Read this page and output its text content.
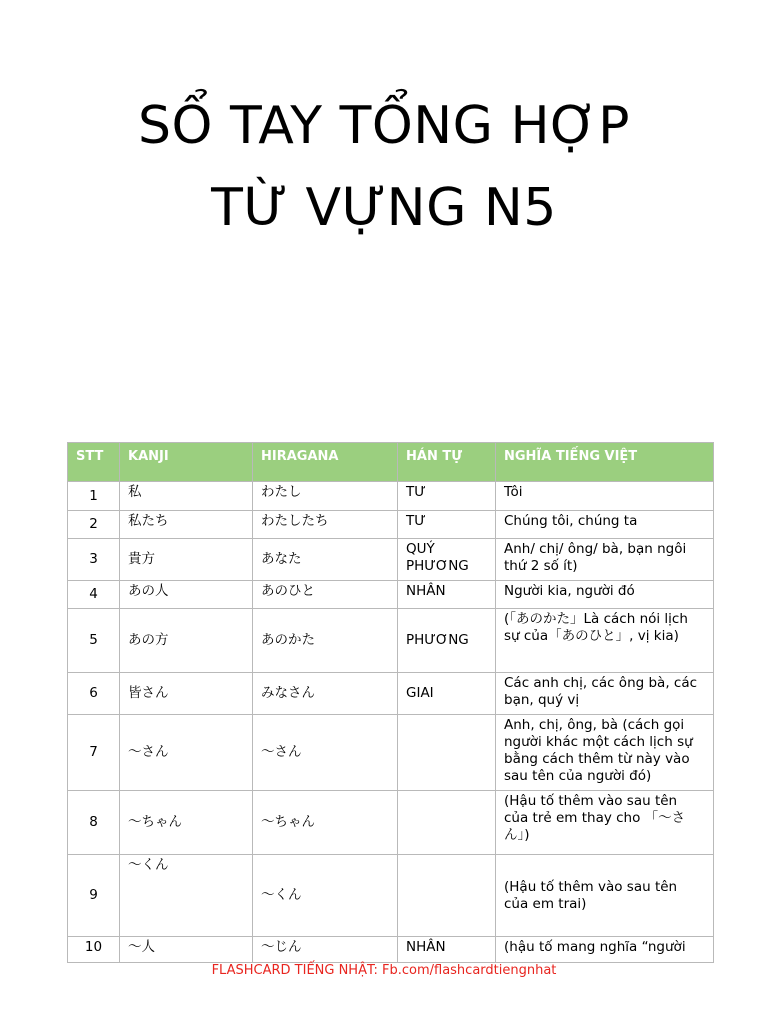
SỔ TAY TỔNG HỢP
TỪ VỰNG N5
STT	KANJI	HIRAGANA	HÁN TỰ	NGHĨA TIẾNG VIỆT
1	私	わたし	TƯ	Tôi
2	私たち	わたしたち	TƯ	Chúng tôi, chúng ta
3	貴方	あなた	QUÝ PHƯƠNG	Anh/ chị/ ông/ bà, bạn ngôi thứ 2 số ít)
4	あの人	あのひと	NHÂN	Người kia, người đó
5	あの方	あのかた	PHƯƠNG	(「あのかた」Là cách nói lịch sự của「あのひと」, vị kia)
6	皆さん	みなさん	GIAI	Các anh chị, các ông bà, các bạn, quý vị
7	～さん	～さん		Anh, chị, ông, bà (cách gọi người khác một cách lịch sự bằng cách thêm từ này vào sau tên của người đó)
8	～ちゃん	～ちゃん		(Hậu tố thêm vào sau tên của trẻ em thay cho 「～さん」)
9	～くん	～くん		(Hậu tố thêm vào sau tên của em trai)
10	～人	～じん	NHÂN	(hậu tố mang nghĩa “người
FLASHCARD TIẾNG NHẬT: Fb.com/flashcardtiengnhat
